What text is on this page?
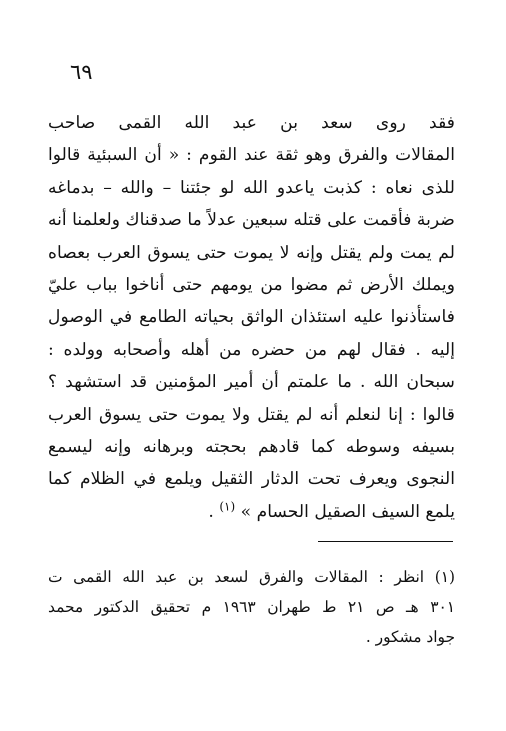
٦٩
فقد روى سعد بن عبد الله القمى صاحب
المقالات والفرق وهو ثقة عند القوم : « أن السبئية قالوا
للذى نعاه : كذبت ياعدو الله لو جئتنا – والله – بدماغه
ضربة فأقمت على قتله سبعين عدلاً ما صدقناك ولعلمنا أنه
لم يمت ولم يقتل وإنه لا يموت حتى يسوق العرب بعصاه
ويملك الأرض ثم مضوا من يومهم حتى أناخوا بباب عليّ
فاستأذنوا عليه استئذان الواثق بحياته الطامع في الوصول
إليه . فقال لهم من حضره من أهله وأصحابه وولده :
سبحان الله . ما علمتم أن أمير المؤمنين قد استشهد ؟
قالوا : إنا لنعلم أنه لم يقتل ولا يموت حتى يسوق العرب
بسيفه وسوطه كما قادهم بحجته وبرهانه وإنه ليسمع
النجوى ويعرف تحت الدثار الثقيل ويلمع في الظلام كما
يلمع السيف الصقيل الحسام » $^{(١)}$ .
(١) انظر : المقالات والفرق لسعد بن عبد الله القمى ت
٣٠١ هـ ص ٢١ ط طهران ١٩٦٣ م تحقيق الدكتور محمد
جواد مشكور .
